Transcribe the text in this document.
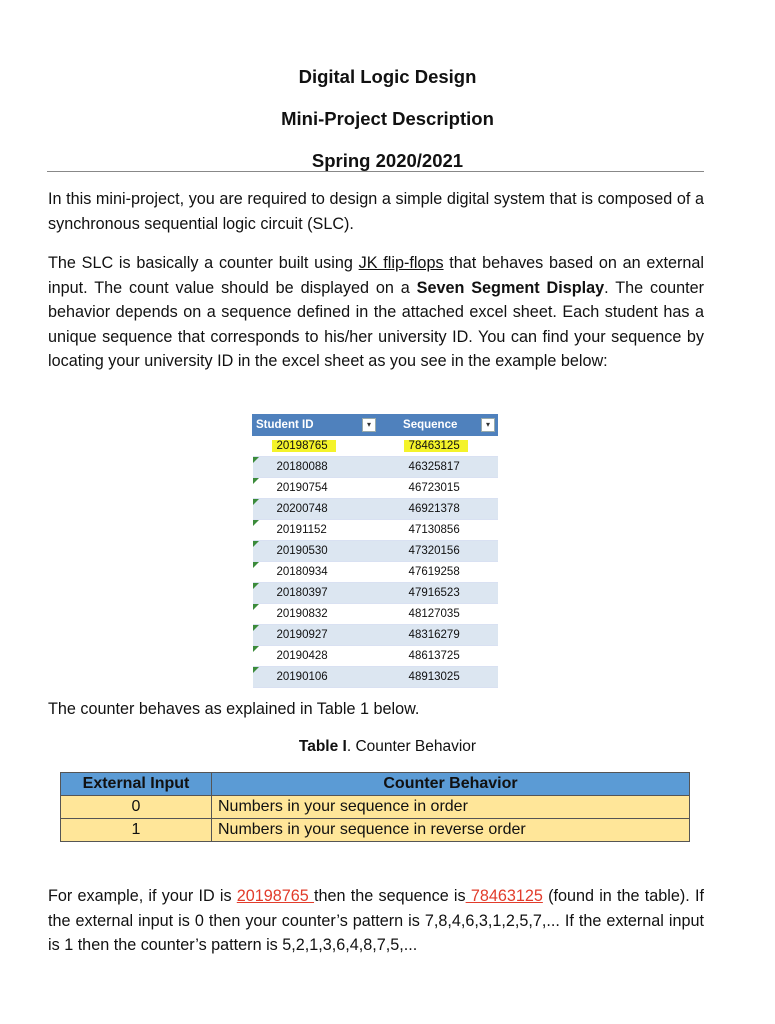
Digital Logic Design
Mini-Project Description
Spring 2020/2021
In this mini-project, you are required to design a simple digital system that is composed of a synchronous sequential logic circuit (SLC).
The SLC is basically a counter built using JK flip-flops that behaves based on an external input. The count value should be displayed on a Seven Segment Display. The counter behavior depends on a sequence defined in the attached excel sheet. Each student has a unique sequence that corresponds to his/her university ID. You can find your sequence by locating your university ID in the excel sheet as you see in the example below:
Student ID ▾	Sequence ▾

20198765	78463125

20180088	46325817

20190754	46723015

20200748	46921378

20191152	47130856

20190530	47320156

20180934	47619258

20180397	47916523

20190832	48127035

20190927	48316279

20190428	48613725

20190106	48913025
The counter behaves as explained in Table 1 below.
Table I. Counter Behavior
External Input	Counter Behavior
0	Numbers in your sequence in order
1	Numbers in your sequence in reverse order
For example, if your ID is 20198765 then the sequence is 78463125 (found in the table). If the external input is 0 then your counter’s pattern is 7,8,4,6,3,1,2,5,7,... If the external input is 1 then the counter’s pattern is 5,2,1,3,6,4,8,7,5,...
